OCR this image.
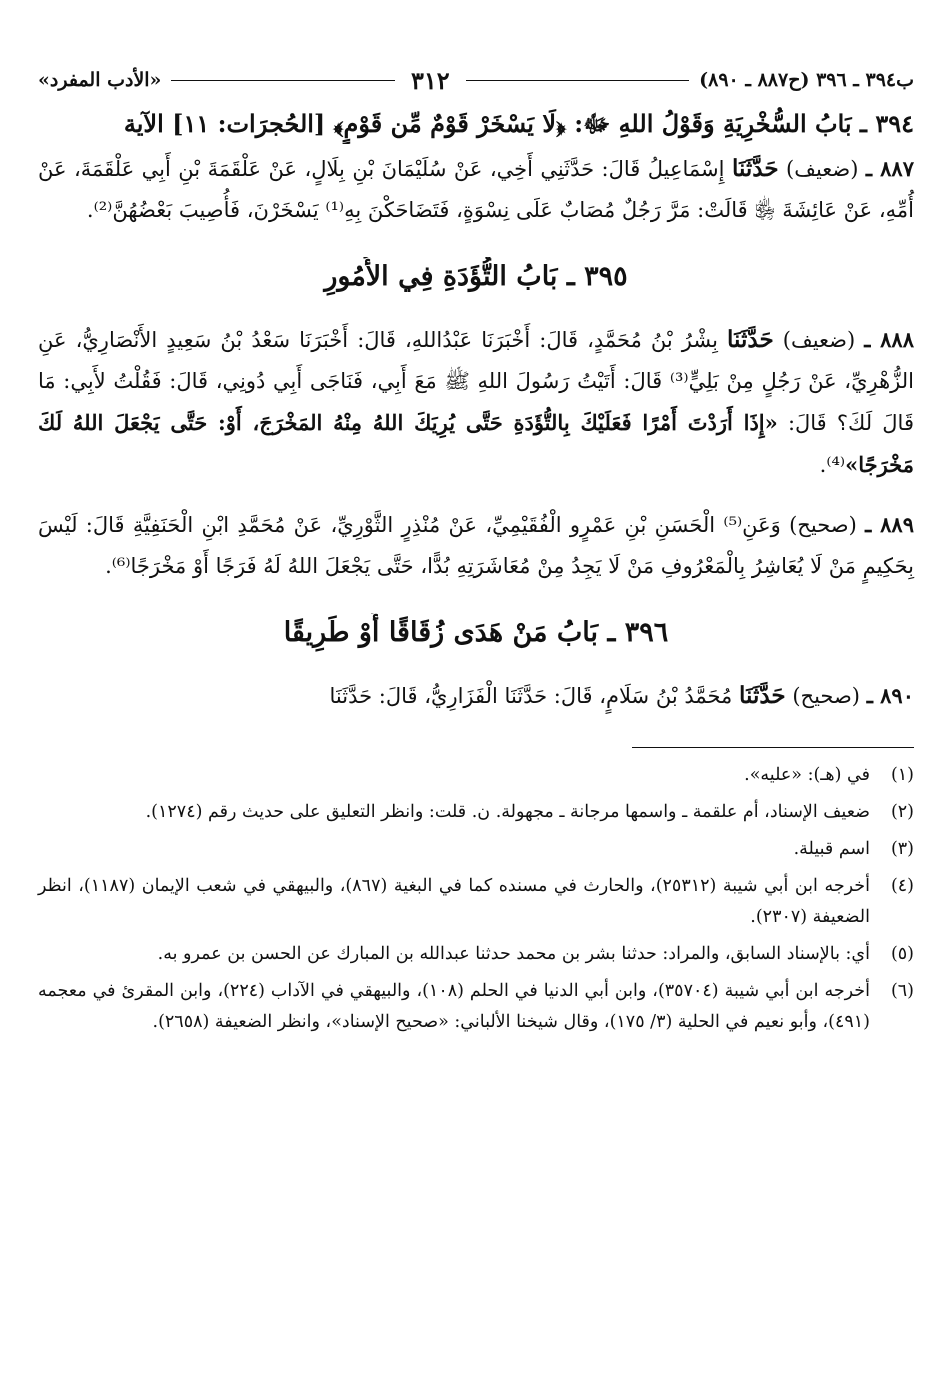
ب٣٩٤ ـ ٣٩٦ (ح٨٨٧ ـ ٨٩٠)
٣١٢
«الأدب المفرد»
٣٩٤ ـ بَابُ السُّخْرِيَةِ وَقَوْلُ اللهِ ﷻ: ﴿لَا يَسْخَرْ قَوْمٌ مِّن قَوْمٍ﴾ [الحُجرَات: ١١] الآية

٨٨٧ ـ (ضعيف) حَدَّثَنَا إِسْمَاعِيلُ قَالَ: حَدَّثَنِي أَخِي، عَنْ سُلَيْمَانَ بْنِ بِلَالٍ، عَنْ عَلْقَمَةَ بْنِ أَبِي عَلْقَمَةَ، عَنْ أُمِّهِ، عَنْ عَائِشَةَ ﵂ قَالَتْ: مَرَّ رَجُلٌ مُصَابٌ عَلَى نِسْوَةٍ، فَتَضَاحَكْنَ بِهِ⁽¹⁾ يَسْخَرْنَ، فَأُصِيبَ بَعْضُهُنَّ⁽²⁾.

٣٩٥ ـ بَابُ التُّؤَدَةِ فِي الأُمُورِ

٨٨٨ ـ (ضعيف) حَدَّثَنَا بِشْرُ بْنُ مُحَمَّدٍ، قَالَ: أَخْبَرَنَا عَبْدُاللهِ، قَالَ: أَخْبَرَنَا سَعْدُ بْنُ سَعِيدٍ الأَنْصَارِيُّ، عَنِ الزُّهْرِيِّ، عَنْ رَجُلٍ مِنْ بَلِيٍّ⁽³⁾ قَالَ: أَتَيْتُ رَسُولَ اللهِ ﷺ مَعَ أَبِي، فَنَاجَى أَبِي دُونِي، قَالَ: فَقُلْتُ لأَبِي: مَا قَالَ لَكَ؟ قَالَ: «إِذَا أَرَدْتَ أَمْرًا فَعَلَيْكَ بِالتُّؤَدَةِ حَتَّى يُرِيَكَ اللهُ مِنْهُ المَخْرَجَ، أَوْ: حَتَّى يَجْعَلَ اللهُ لَكَ مَخْرَجًا»⁽⁴⁾.

٨٨٩ ـ (صحيح) وَعَنِ⁽⁵⁾ الْحَسَنِ بْنِ عَمْرٍو الْفُقَيْمِيِّ، عَنْ مُنْذِرٍ الثَّوْرِيِّ، عَنْ مُحَمَّدِ ابْنِ الْحَنَفِيَّةِ قَالَ: لَيْسَ بِحَكِيمٍ مَنْ لَا يُعَاشِرُ بِالْمَعْرُوفِ مَنْ لَا يَجِدُ مِنْ مُعَاشَرَتِهِ بُدًّا، حَتَّى يَجْعَلَ اللهُ لَهُ فَرَجًا أَوْ مَخْرَجًا⁽⁶⁾.

٣٩٦ ـ بَابُ مَنْ هَدَى زُقَاقًا أَوْ طَرِيقًا

٨٩٠ ـ (صحيح) حَدَّثَنَا مُحَمَّدُ بْنُ سَلَامٍ، قَالَ: حَدَّثَنَا الْفَزَارِيُّ، قَالَ: حَدَّثَنَا

(١)
في (هـ): «عليه».
(٢)
ضعيف الإسناد، أم علقمة ـ واسمها مرجانة ـ مجهولة. ن. قلت: وانظر التعليق على حديث رقم (١٢٧٤).
(٣)
اسم قبيلة.
(٤)
أخرجه ابن أبي شيبة (٢٥٣١٢)، والحارث في مسنده كما في البغية (٨٦٧)، والبيهقي في شعب الإيمان (١١٨٧)، انظر الضعيفة (٢٣٠٧).
(٥)
أي: بالإسناد السابق، والمراد: حدثنا بشر بن محمد حدثنا عبدالله بن المبارك عن الحسن بن عمرو به.
(٦)
أخرجه ابن أبي شيبة (٣٥٧٠٤)، وابن أبي الدنيا في الحلم (١٠٨)، والبيهقي في الآداب (٢٢٤)، وابن المقرئ في معجمه (٤٩١)، وأبو نعيم في الحلية (٣/ ١٧٥)، وقال شيخنا الألباني: «صحيح الإسناد»، وانظر الضعيفة (٢٦٥٨).
